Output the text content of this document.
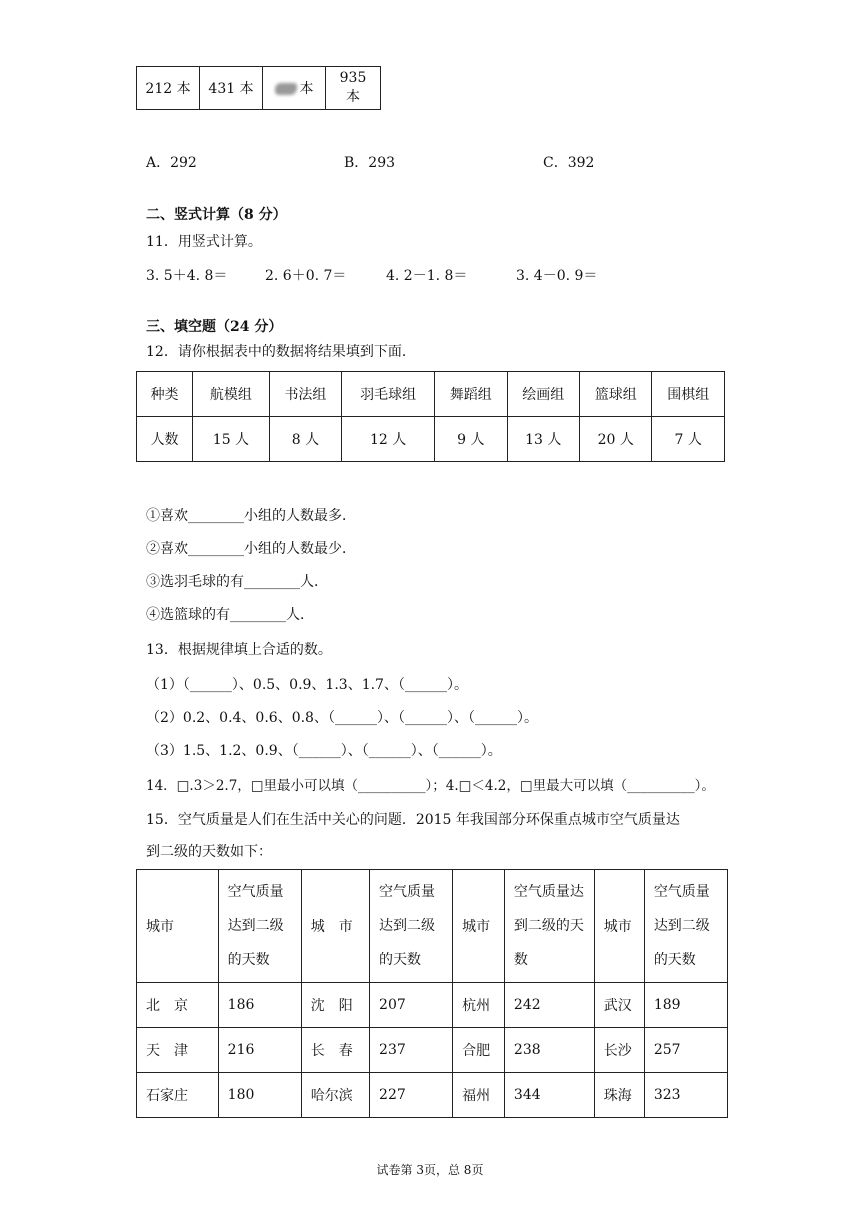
212 本	431 本	本	935 本
A．292	B．293	C．392
二、竖式计算（8 分）
11．用竖式计算。
3. 5＋4. 8＝	2. 6＋0. 7＝	4. 2－1. 8＝	3. 4－0. 9＝
三、填空题（24 分）
12．请你根据表中的数据将结果填到下面．
种类	航模组	书法组	羽毛球组	舞蹈组	绘画组	篮球组	围棋组
人数	15 人	8 人	12 人	9 人	13 人	20 人	7 人
①喜欢________小组的人数最多．
②喜欢________小组的人数最少．
③选羽毛球的有________人．
④选篮球的有________人．
13．根据规律填上合适的数。
（1）（______）、0.5、0.9、1.3、1.7、（______）。
（2）0.2、0.4、0.6、0.8、（______）、（______）、（______）。
（3）1.5、1.2、0.9、（______）、（______）、（______）。
14．□.3＞2.7，□里最小可以填（__________）；4.□＜4.2，□里最大可以填（__________）。
15．空气质量是人们在生活中关心的问题．2015 年我国部分环保重点城市空气质量达
到二级的天数如下：
城市	空气质量达到二级的天数	城　市	空气质量达到二级的天数	城市	空气质量达到二级的天数	城市	空气质量达到二级的天数
北　京	186	沈　阳	207	杭州	242	武汉	189
天　津	216	长　春	237	合肥	238	长沙	257
石家庄	180	哈尔滨	227	福州	344	珠海	323
试卷第 3页，总 8页
